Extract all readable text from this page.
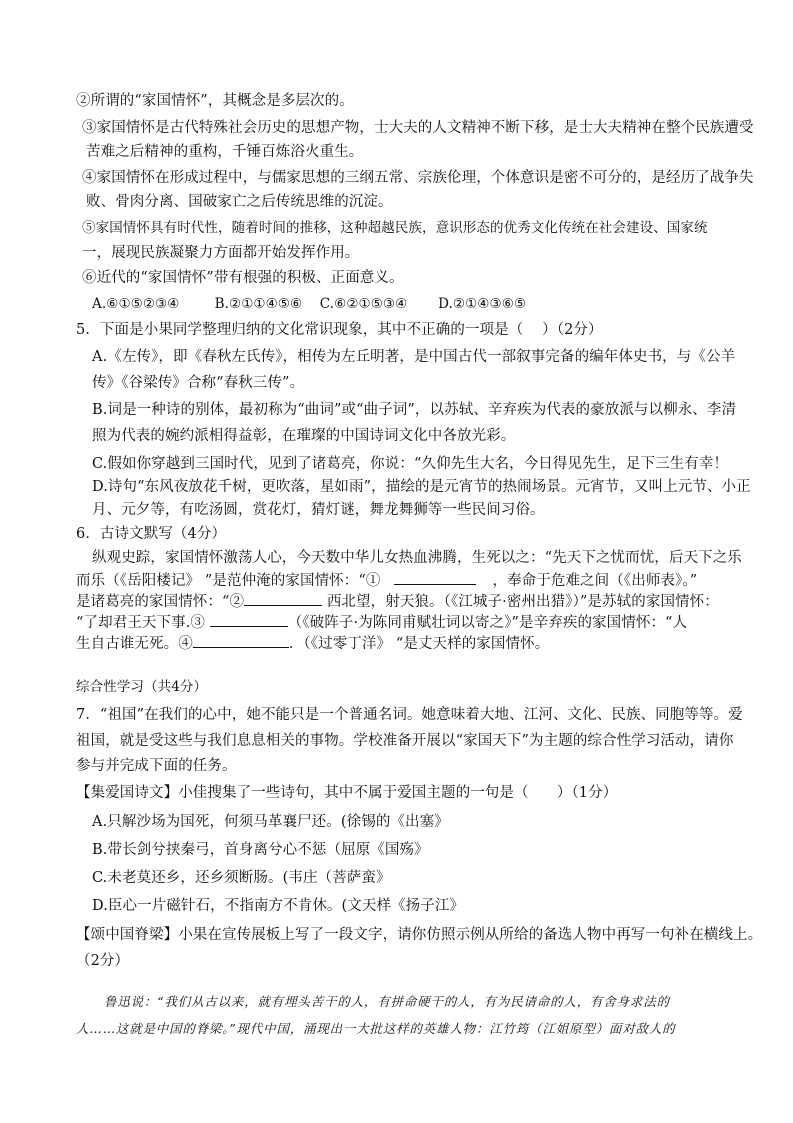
②所谓的“家国情怀”，其概念是多层次的。
③家国情怀是古代特殊社会历史的思想产物，士大夫的人文精神不断下移，是士大夫精神在整个民族遭受
苦难之后精神的重构，千锤百炼浴火重生。
④家国情怀在形成过程中，与儒家思想的三纲五常、宗族伦理，个体意识是密不可分的，是经历了战争失
败、骨肉分离、国破家亡之后传统思维的沉淀。
⑤家国情怀具有时代性，随着时间的推移，这种超越民族，意识形态的优秀文化传统在社会建设、国家统
一，展现民族凝聚力方面都开始发挥作用。
⑥近代的“家国情怀”带有根强的积极、正面意义。
A.⑥①⑤②③④        B.②①①④⑤⑥    C.⑥②①⑤③④       D.②①④③⑥⑤
5．下面是小果同学整理归纳的文化常识现象，其中不正确的一项是（    ）（2分）
A.《左传》，即《春秋左氏传》，相传为左丘明著，是中国古代一部叙事完备的编年体史书，与《公羊
传》《谷梁传》合称“春秋三传”。
B.词是一种诗的别体，最初称为“曲词”或“曲子词”，以苏轼、辛弃疾为代表的豪放派与以柳永、李清
照为代表的婉约派相得益彰，在璀璨的中国诗词文化中各放光彩。
C.假如你穿越到三国时代，见到了诸葛亮，你说：“久仰先生大名，今日得见先生，足下三生有幸！
D.诗句“东风夜放花千树，更吹落，星如雨”，描绘的是元宵节的热闹场景。元宵节，又叫上元节、小正
月、元夕等，有吃汤圆，赏花灯，猜灯谜，舞龙舞狮等一些民间习俗。
6．古诗文默写（4分）
纵观史踪，家国情怀激荡人心，今天数中华儿女热血沸腾，生死以之：“先天下之忧而忧，后天下之乐
而乐（《岳阳楼记》 ”是范仲淹的家国情怀：“①	，奉命于危难之间（《出师表》。”
是诸葛亮的家国情怀：“②	西北望，射天狼。（《江城子·密州出猎》）”是苏轼的家国情怀：
“了却君王天下事.③	（《破阵子·为陈同甫赋壮词以寄之》”是辛弃疾的家国情怀：“人
生自古谁无死。④	．（《过零丁洋》 “是丈天样的家国情怀。
综合性学习（共4分）
7．“祖国”在我们的心中，她不能只是一个普通名词。她意味着大地、江河、文化、民族、同胞等等。爱
祖国，就是受这些与我们息息相关的事物。学校准备开展以“家国天下”为主题的综合性学习活动，请你
参与并完成下面的任务。
【集爱国诗文】小佳搜集了一些诗句，其中不属于爱国主题的一句是（      ）（1分）
A.只解沙场为国死，何须马革襄尸还。(徐锡的《出塞》
B.带长剑兮挟秦弓，首身离兮心不惩（屈原《国殇》
C.未老莫还乡，还乡须断肠。(韦庄（菩萨蛮》
D.臣心一片磁针石，不指南方不肯休。(文天样《扬子江》
【颂中国脊梁】小果在宣传展板上写了一段文字，请你仿照示例从所给的备选人物中再写一句补在横线上。
（2分）
鲁迅说：“我们从古以来，就有埋头苦干的人，有拼命硬干的人，有为民请命的人，有舍身求法的
人……这就是中国的脊梁。”现代中国，涌现出一大批这样的英雄人物：江竹筠（江姐原型）面对敌人的
